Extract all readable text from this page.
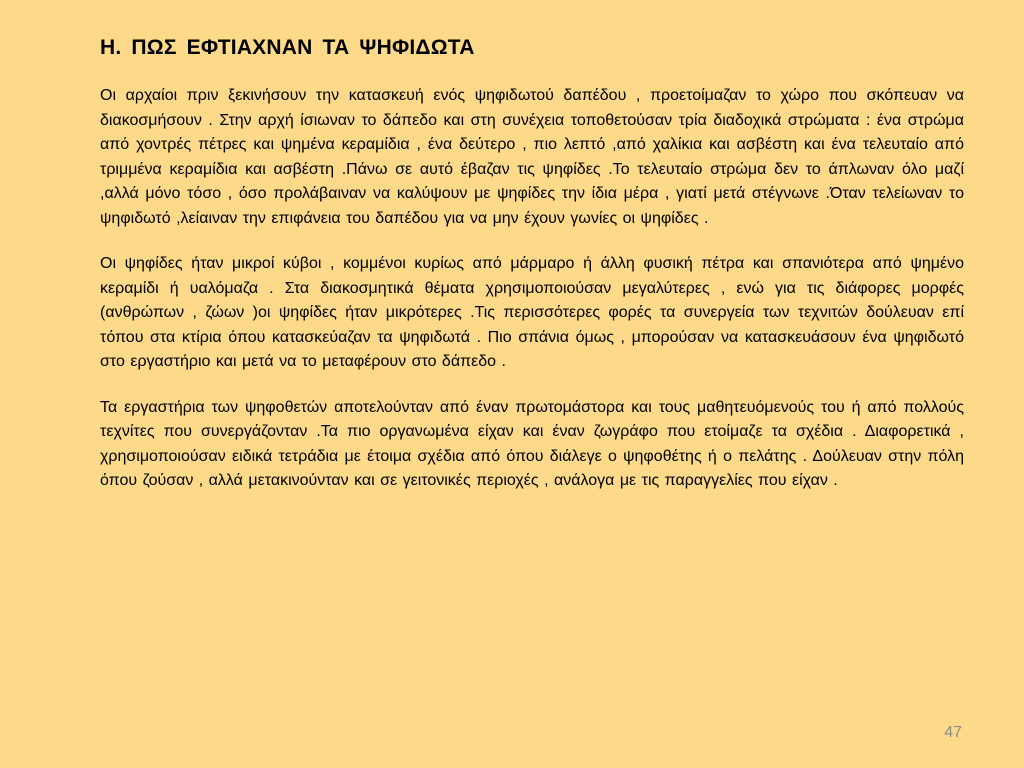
Η. ΠΩΣ ΕΦΤΙΑΧΝΑΝ ΤΑ ΨΗΦΙΔΩΤΑ

Οι αρχαίοι πριν ξεκινήσουν την κατασκευή ενός ψηφιδωτού δαπέδου , προετοίμαζαν το χώρο που σκόπευαν να διακοσμήσουν . Στην αρχή ίσιωναν το δάπεδο και στη συνέχεια τοποθετούσαν τρία διαδοχικά στρώματα : ένα στρώμα από χοντρές πέτρες και ψημένα κεραμίδια , ένα δεύτερο , πιο λεπτό ,από χαλίκια και ασβέστη και ένα τελευταίο από τριμμένα κεραμίδια και ασβέστη .Πάνω σε αυτό έβαζαν τις ψηφίδες .Το τελευταίο στρώμα δεν το άπλωναν όλο μαζί ,αλλά μόνο τόσο , όσο προλάβαιναν να καλύψουν με ψηφίδες την ίδια μέρα , γιατί μετά στέγνωνε .Όταν τελείωναν το ψηφιδωτό ,λείαιναν την επιφάνεια του δαπέδου για να μην έχουν γωνίες οι ψηφίδες .

Οι ψηφίδες ήταν μικροί κύβοι , κομμένοι κυρίως από μάρμαρο ή άλλη φυσική πέτρα και σπανιότερα από ψημένο κεραμίδι ή υαλόμαζα . Στα διακοσμητικά θέματα χρησιμοποιούσαν μεγαλύτερες , ενώ για τις διάφορες μορφές (ανθρώπων , ζώων )οι ψηφίδες ήταν μικρότερες .Τις περισσότερες φορές τα συνεργεία των τεχνιτών δούλευαν επί τόπου στα κτίρια όπου κατασκεύαζαν τα ψηφιδωτά . Πιο σπάνια όμως , μπορούσαν να κατασκευάσουν ένα ψηφιδωτό στο εργαστήριο και μετά να το μεταφέρουν στο δάπεδο .

Τα εργαστήρια των ψηφοθετών αποτελούνταν από έναν πρωτομάστορα και τους μαθητευόμενούς του ή από πολλούς τεχνίτες που συνεργάζονταν .Τα πιο οργανωμένα είχαν και έναν ζωγράφο που ετοίμαζε τα σχέδια . Διαφορετικά , χρησιμοποιούσαν ειδικά τετράδια με έτοιμα σχέδια από όπου διάλεγε ο ψηφοθέτης ή ο πελάτης . Δούλευαν στην πόλη όπου ζούσαν , αλλά μετακινούνταν και σε γειτονικές περιοχές , ανάλογα με τις παραγγελίες που είχαν .

47
